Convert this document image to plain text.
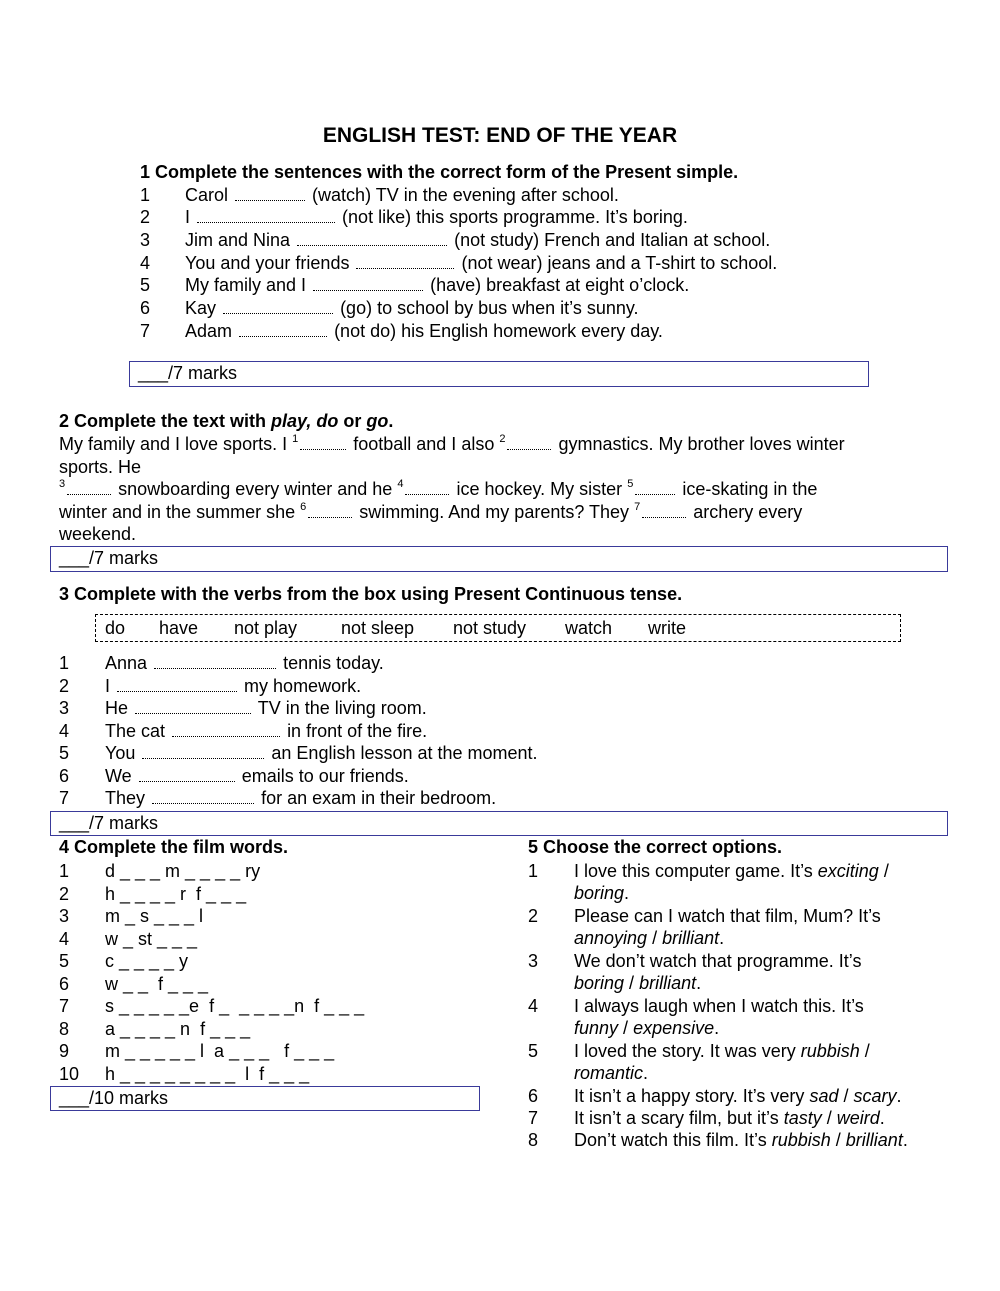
ENGLISH TEST: END OF THE YEAR
1 Complete the sentences with the correct form of the Present simple.
1 Carol	(watch) TV in the evening after school.
2 I	(not like) this sports programme. It’s boring.
3 Jim and Nina	(not study) French and Italian at school.
4 You and your friends	(not wear) jeans and a T-shirt to school.
5 My family and I	(have) breakfast at eight o’clock.
6 Kay	(go) to school by bus when it’s sunny.
7 Adam	(not do) his English homework every day.
___/7 marks
2 Complete the text with play, do or go.
My family and I love sports. I $^1$	football and I also $^2$	gymnastics. My brother loves winter
sports. He
$^3$	snowboarding every winter and he $^4$	ice hockey. My sister $^5$	ice-skating in the
winter and in the summer she $^6$	swimming. And my parents? They $^7$	archery every
weekend.
___/7 marks
3 Complete with the verbs from the box using Present Continuous tense.
do have not play not sleep not study watch write
1 Anna	tennis today.
2 I	my homework.
3 He	TV in the living room.
4 The cat	in front of the fire.
5 You	an English lesson at the moment.
6 We	emails to our friends.
7 They	for an exam in their bedroom.
___/7 marks
4 Complete the film words.
1 d _ _ _ m _ _ _ _ ry
2 h _ _ _ _ r  f _ _ _
3 m _ s _ _ _ l
4 w _ st _ _ _
5 c _ _ _ _ y
6 w _ _  f _ _ _
7 s _ _ _ _ _e  f _  _ _ _ _n  f _ _ _
8 a _ _ _ _ n  f _ _ _
9 m _ _ _ _ _ l  a _ _ _   f _ _ _
10 h _ _ _ _ _ _ _ _  l  f _ _ _
___/10 marks
5 Choose the correct options.
1 I love this computer game. It’s exciting /
boring.
2 Please can I watch that film, Mum? It’s
annoying / brilliant.
3 We don’t watch that programme. It’s
boring / brilliant.
4 I always laugh when I watch this. It’s
funny / expensive.
5 I loved the story. It was very rubbish /
romantic.
6 It isn’t a happy story. It’s very sad / scary.
7 It isn’t a scary film, but it’s tasty / weird.
8 Don’t watch this film. It’s rubbish / brilliant.
